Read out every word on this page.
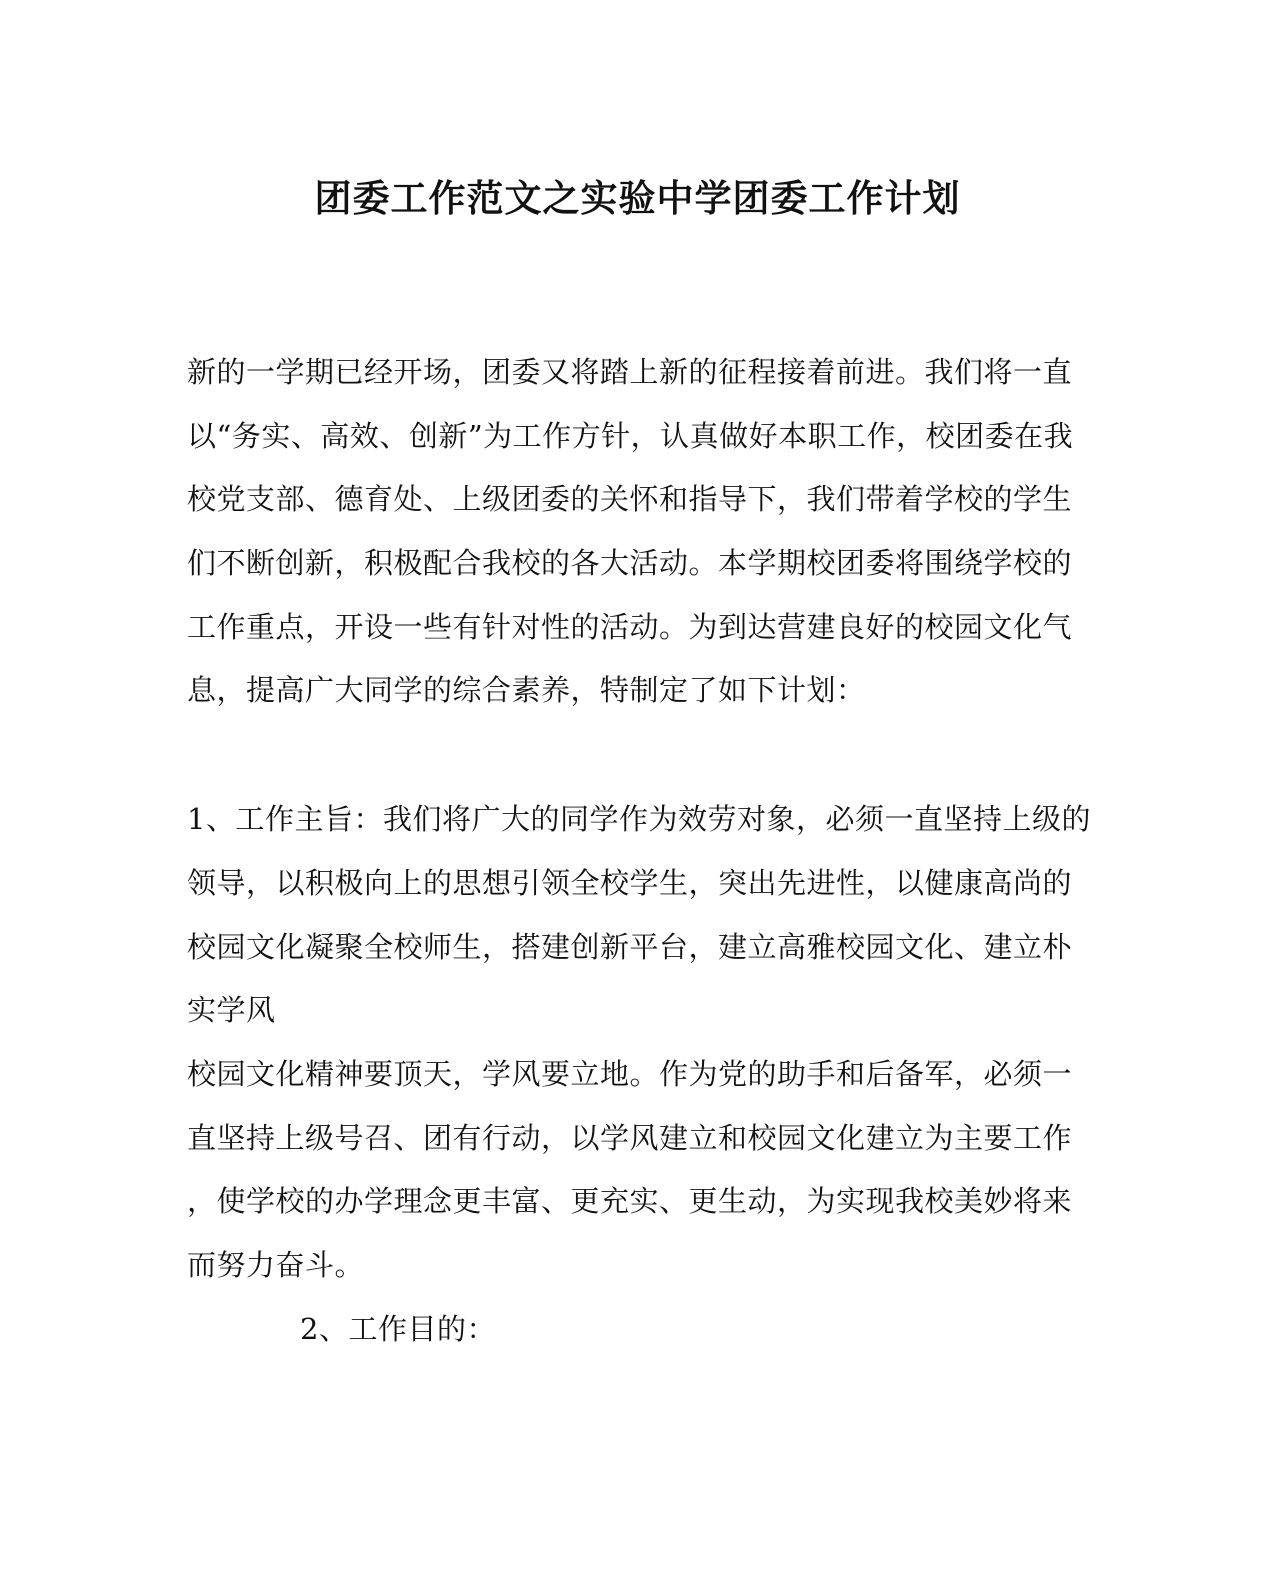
团委工作范文之实验中学团委工作计划
新的一学期已经开场，团委又将踏上新的征程接着前进。我们将一直
以“务实、高效、创新”为工作方针，认真做好本职工作，校团委在我
校党支部、德育处、上级团委的关怀和指导下，我们带着学校的学生
们不断创新，积极配合我校的各大活动。本学期校团委将围绕学校的
工作重点，开设一些有针对性的活动。为到达营建良好的校园文化气
息，提高广大同学的综合素养，特制定了如下计划：
1、工作主旨：我们将广大的同学作为效劳对象，必须一直坚持上级的
领导，以积极向上的思想引领全校学生，突出先进性，以健康高尚的
校园文化凝聚全校师生，搭建创新平台，建立高雅校园文化、建立朴
实学风
校园文化精神要顶天，学风要立地。作为党的助手和后备军，必须一
直坚持上级号召、团有行动，以学风建立和校园文化建立为主要工作
，使学校的办学理念更丰富、更充实、更生动，为实现我校美妙将来
而努力奋斗。
2、工作目的：
